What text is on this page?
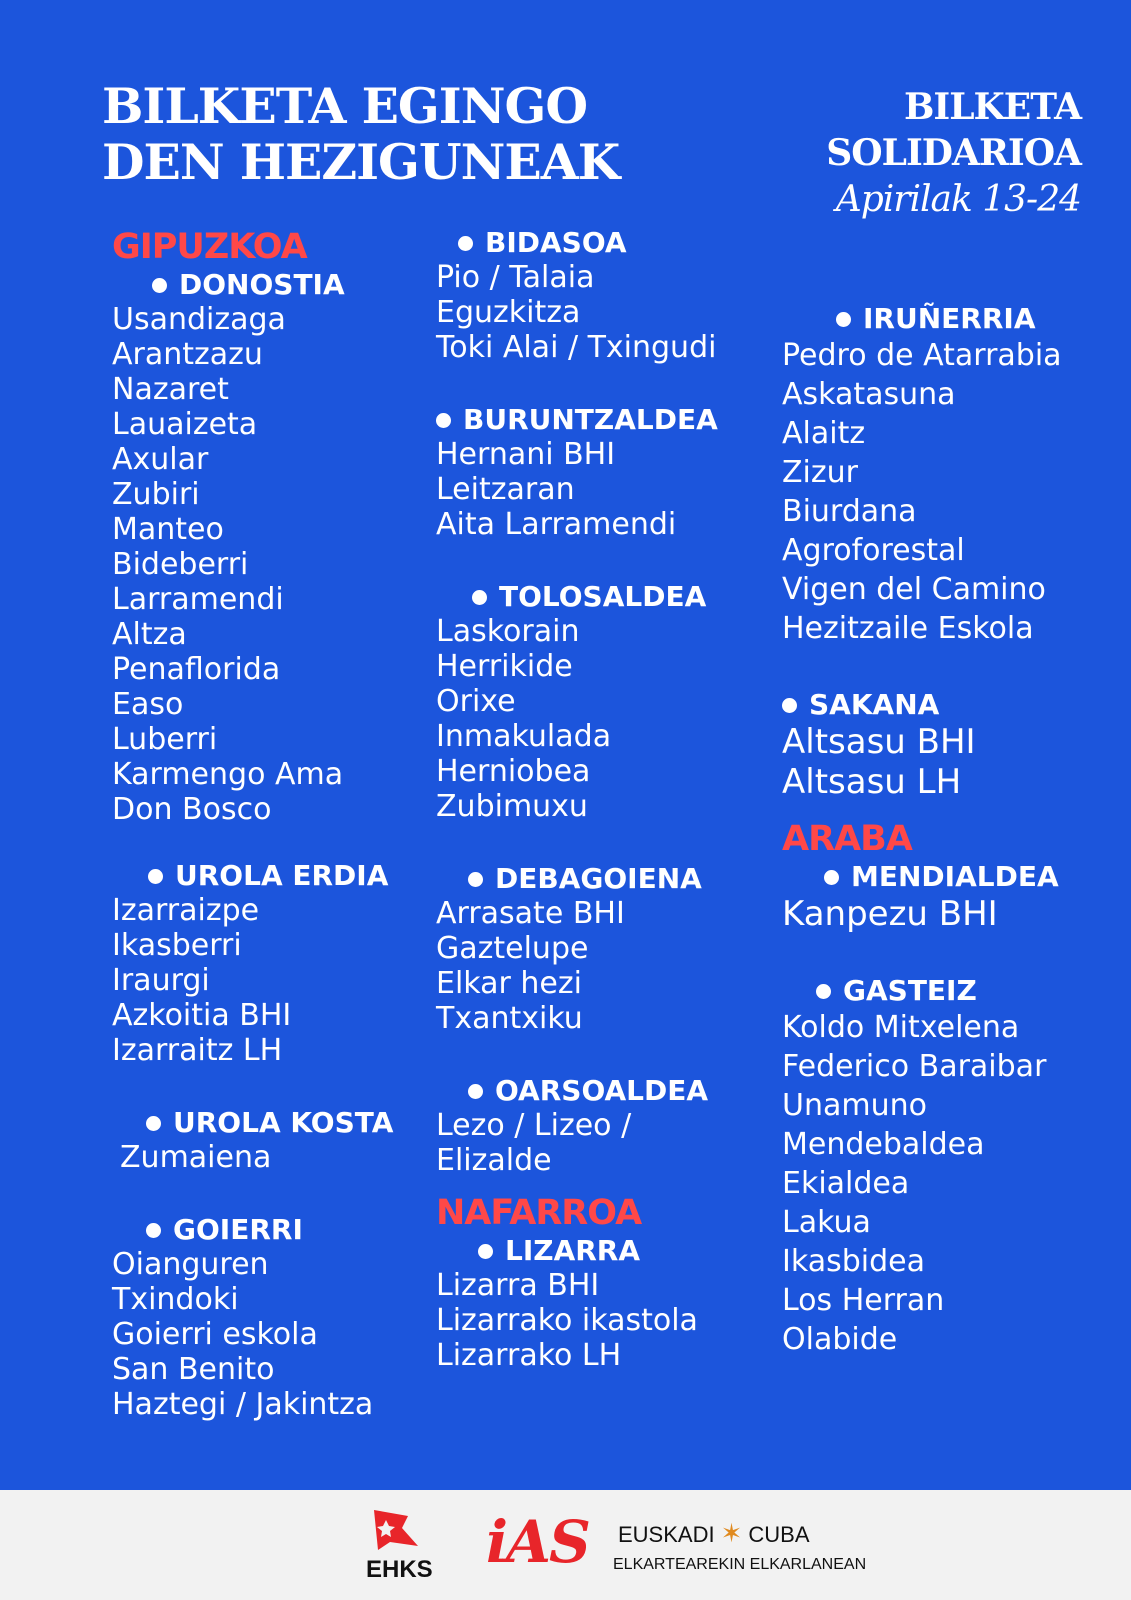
BILKETA EGINGO
DEN HEZIGUNEAK
BILKETA
SOLIDARIOA
Apirilak 13-24
GIPUZKOA
DONOSTIA
Usandizaga
Arantzazu
Nazaret
Lauaizeta
Axular
Zubiri
Manteo
Bideberri
Larramendi
Altza
Penaflorida
Easo
Luberri
Karmengo Ama
Don Bosco
UROLA ERDIA
Izarraizpe
Ikasberri
Iraurgi
Azkoitia BHI
Izarraitz LH
UROLA KOSTA
Zumaiena
GOIERRI
Oianguren
Txindoki
Goierri eskola
San Benito
Haztegi / Jakintza
BIDASOA
Pio / Talaia
Eguzkitza
Toki Alai / Txingudi
BURUNTZALDEA
Hernani BHI
Leitzaran
Aita Larramendi
TOLOSALDEA
Laskorain
Herrikide
Orixe
Inmakulada
Herniobea
Zubimuxu
DEBAGOIENA
Arrasate BHI
Gaztelupe
Elkar hezi
Txantxiku
OARSOALDEA
Lezo / Lizeo /
Elizalde
NAFARROA
LIZARRA
Lizarra BHI
Lizarrako ikastola
Lizarrako LH
IRUÑERRIA
Pedro de Atarrabia
Askatasuna
Alaitz
Zizur
Biurdana
Agroforestal
Vigen del Camino
Hezitzaile Eskola
SAKANA
Altsasu BHI
Altsasu LH
ARABA
MENDIALDEA
Kanpezu BHI
GASTEIZ
Koldo Mitxelena
Federico Baraibar
Unamuno
Mendebaldea
Ekialdea
Lakua
Ikasbidea
Los Herran
Olabide
EHKS iAS EUSKADI ✶ CUBA
ELKARTEAREKIN ELKARLANEAN
